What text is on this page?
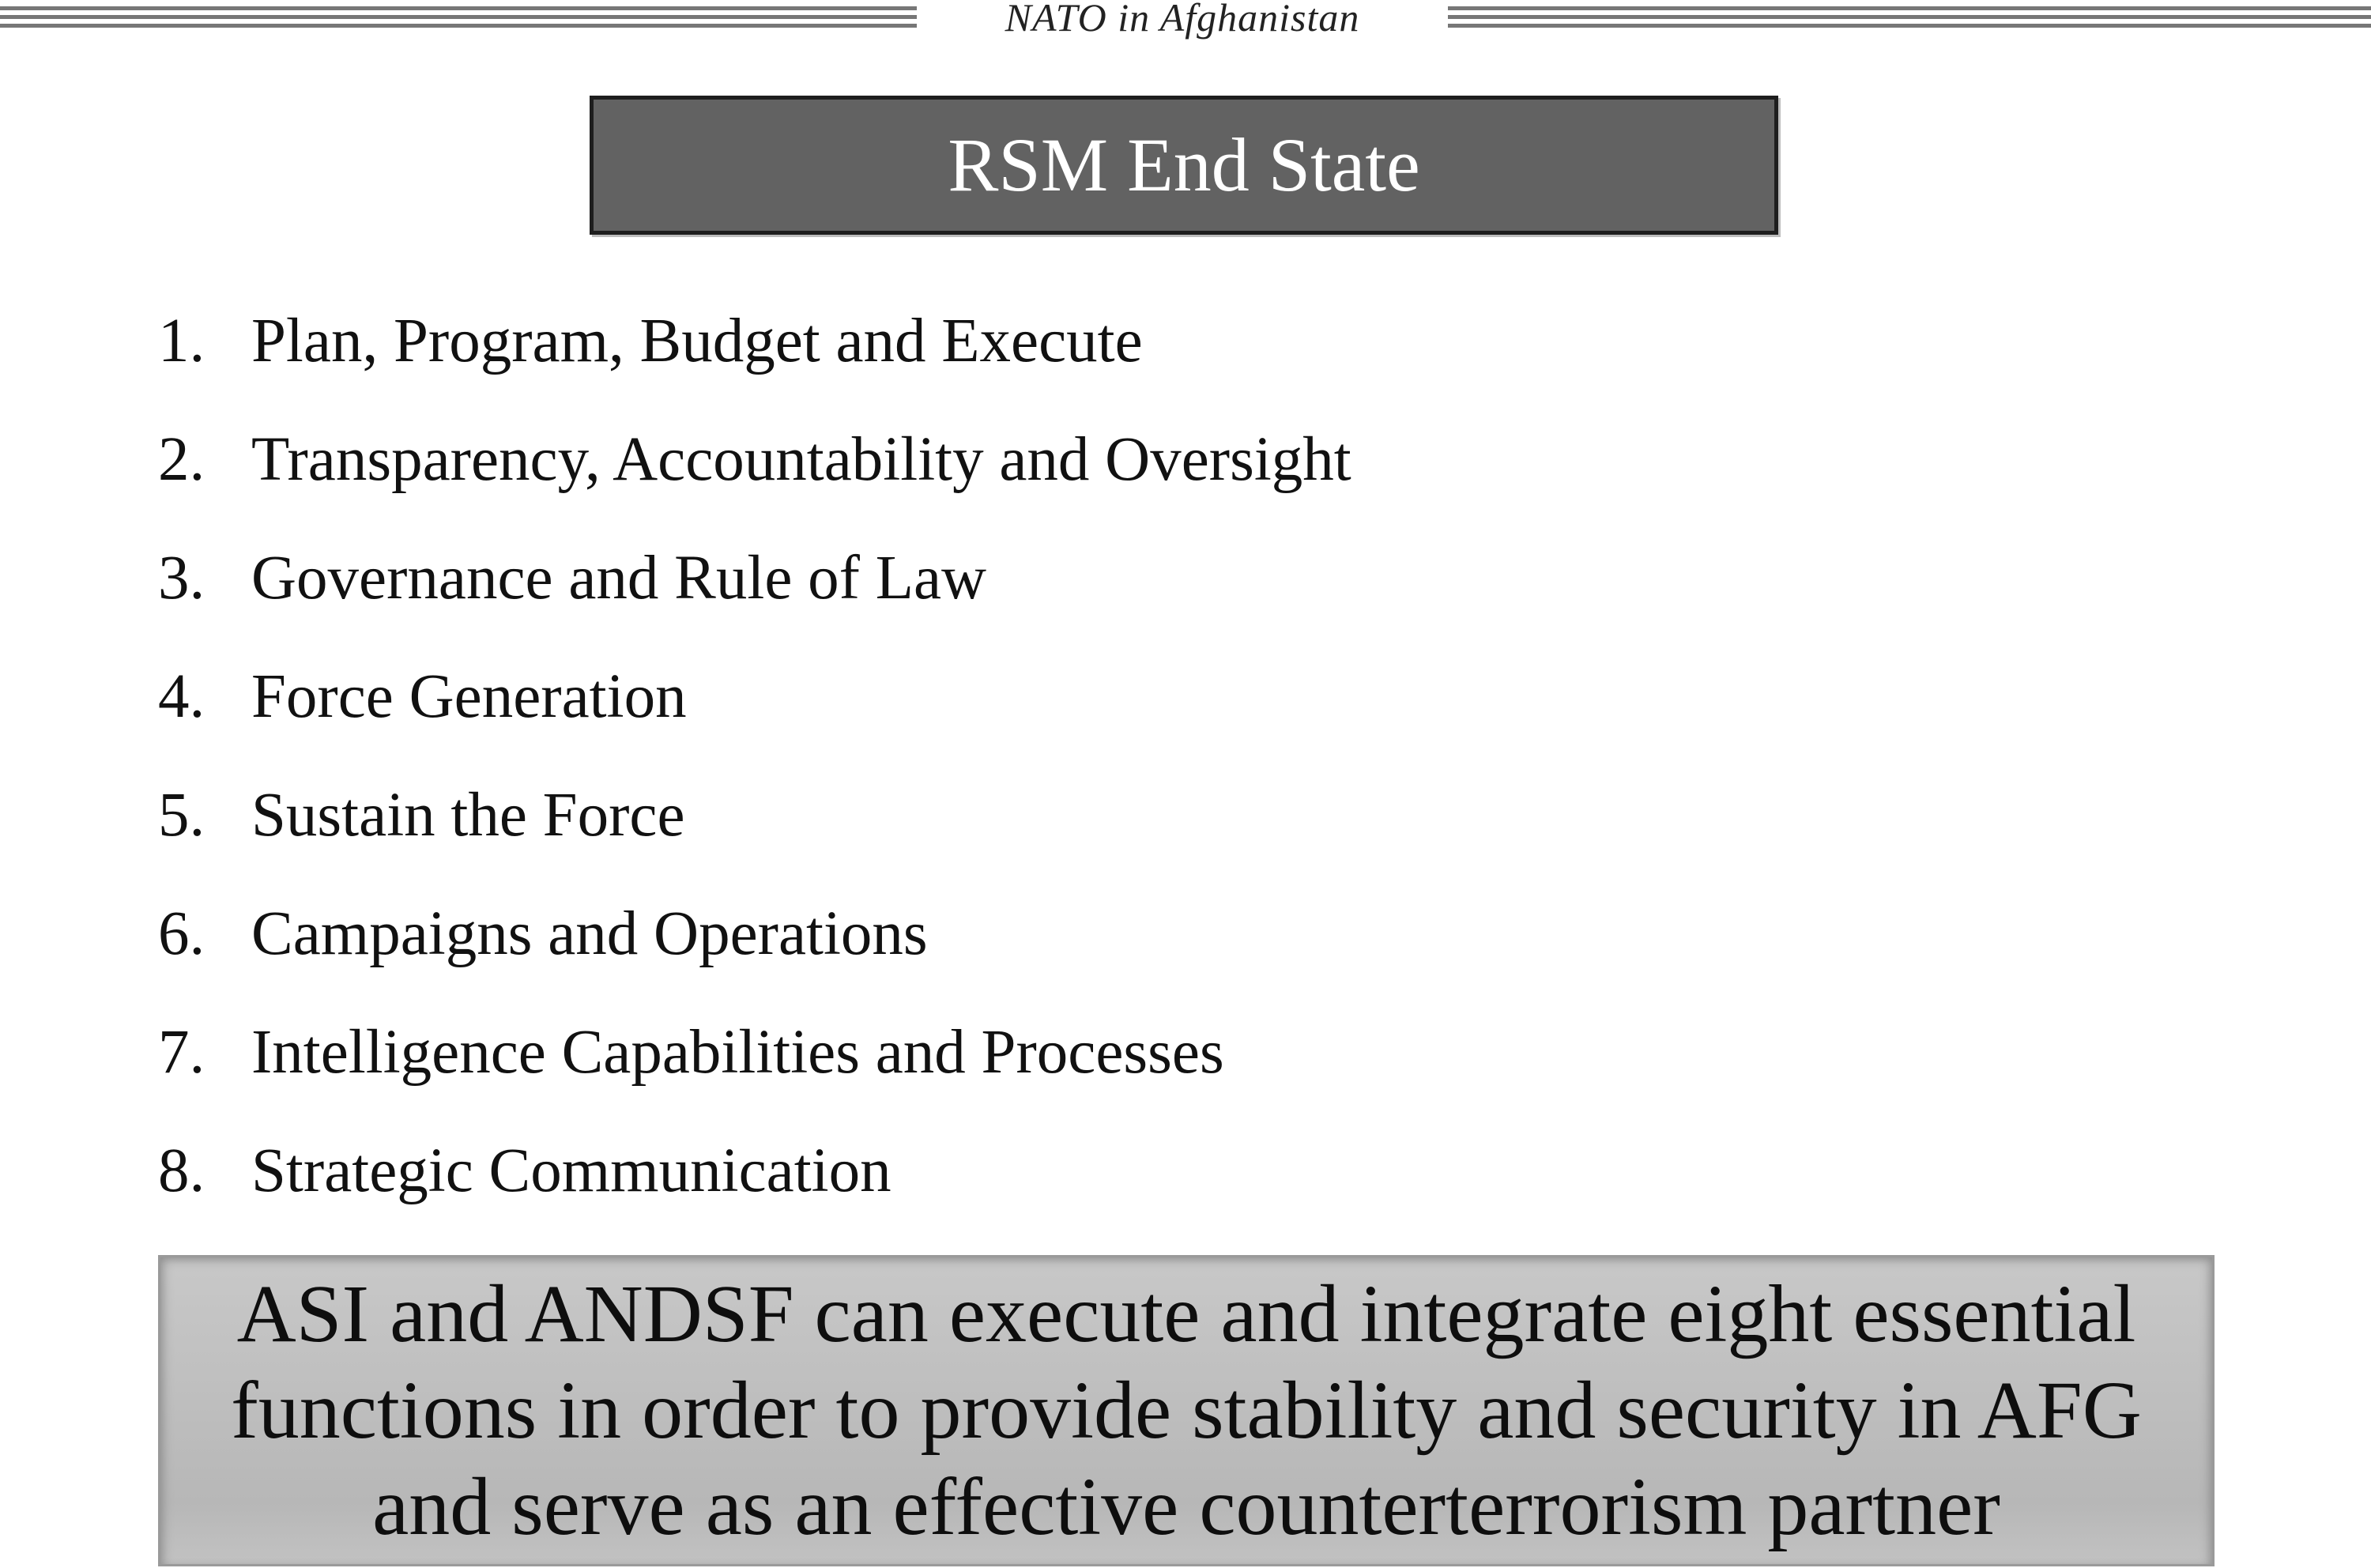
NATO in Afghanistan
RSM End State
1. Plan, Program, Budget and Execute
2. Transparency, Accountability and Oversight
3. Governance and Rule of Law
4. Force Generation
5. Sustain the Force
6. Campaigns and Operations
7. Intelligence Capabilities and Processes
8. Strategic Communication
ASI and ANDSF can execute and integrate eight essential functions in order to provide stability and security in AFG and serve as an effective counterterrorism partner
